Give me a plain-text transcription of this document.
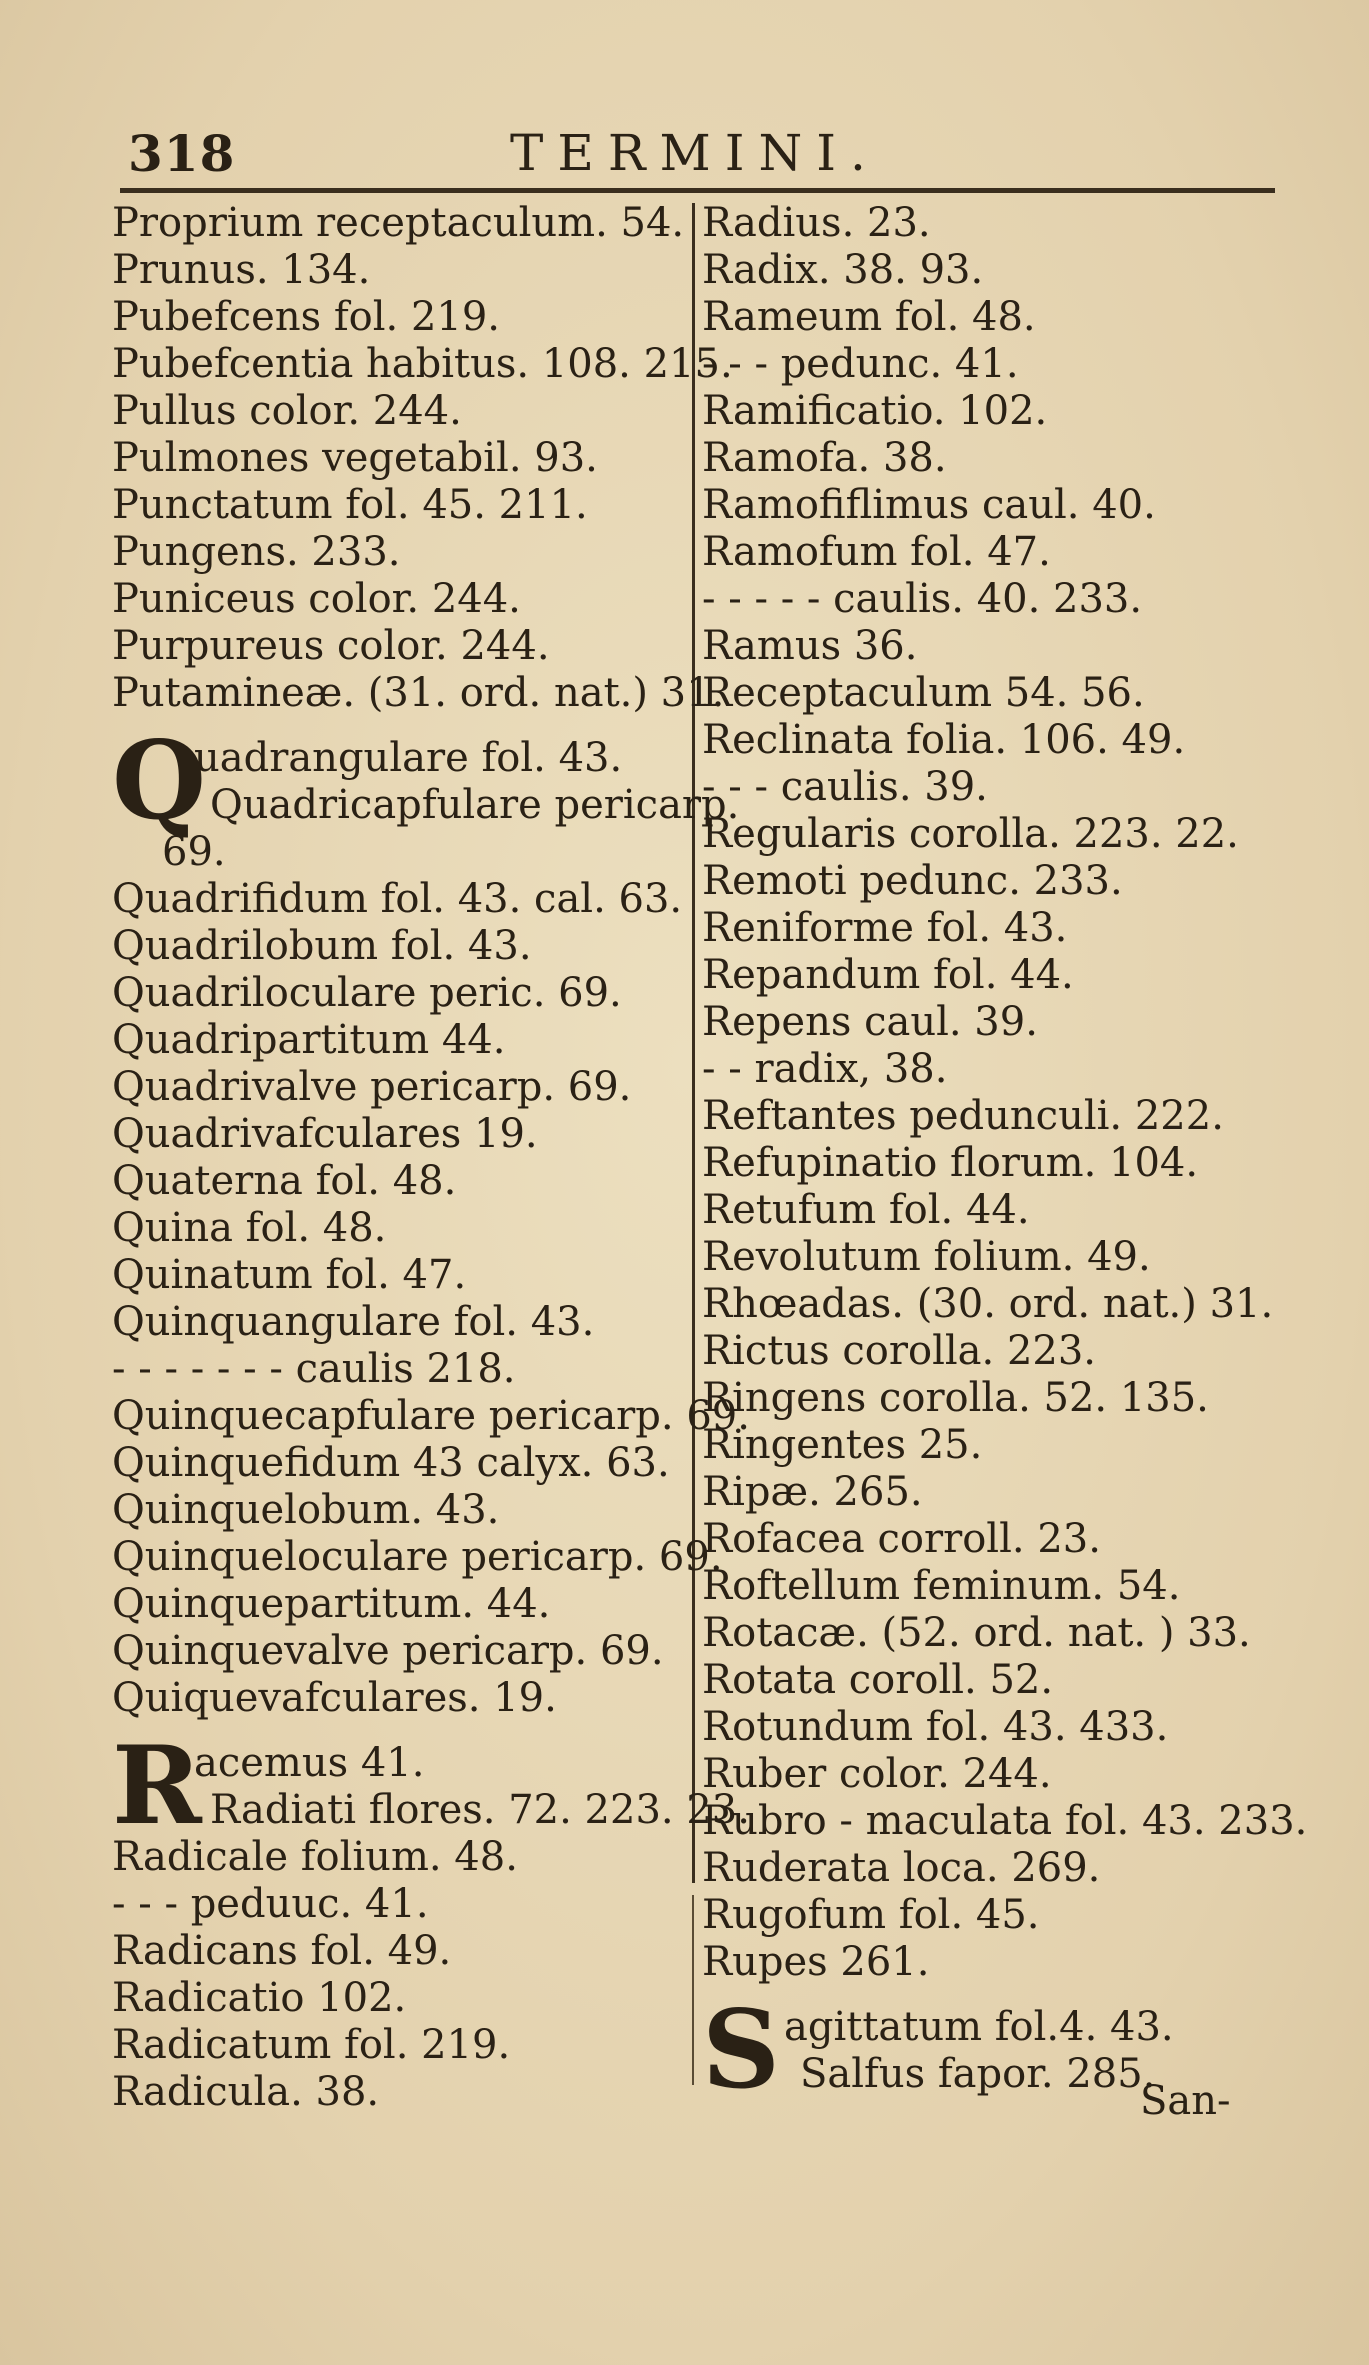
318	TERMINI.
Proprium receptaculum. 54.
Prunus. 134.
Pubefcens fol. 219.
Pubefcentia habitus. 108. 215.
Pullus color. 244.
Pulmones vegetabil. 93.
Punctatum fol. 45. 211.
Pungens. 233.
Puniceus color. 244.
Purpureus color. 244.
Putamineæ. (31. ord. nat.) 31.
Q
uadrangulare fol. 43.
Quadricapfulare pericarp.
69.
Quadrifidum fol. 43. cal. 63.
Quadrilobum fol. 43.
Quadriloculare peric. 69.
Quadripartitum 44.
Quadrivalve pericarp. 69.
Quadrivafculares 19.
Quaterna fol. 48.
Quina fol. 48.
Quinatum fol. 47.
Quinquangulare fol. 43.
- - - - - - - caulis 218.
Quinquecapfulare pericarp. 69.
Quinquefidum 43 calyx. 63.
Quinquelobum. 43.
Quinqueloculare pericarp. 69.
Quinquepartitum. 44.
Quinquevalve pericarp. 69.
Quiquevafculares. 19.
R
acemus 41.
Radiati flores. 72. 223. 23.
Radicale folium. 48.
- - - peduuc. 41.
Radicans fol. 49.
Radicatio 102.
Radicatum fol. 219.
Radicula. 38.
Radius. 23.
Radix. 38. 93.
Rameum fol. 48.
- - - pedunc. 41.
Ramificatio. 102.
Ramofa. 38.
Ramofiflimus caul. 40.
Ramofum fol. 47.
- - - - - caulis. 40. 233.
Ramus 36.
Receptaculum 54. 56.
Reclinata folia. 106. 49.
- - - caulis. 39.
Regularis corolla. 223. 22.
Remoti pedunc. 233.
Reniforme fol. 43.
Repandum fol. 44.
Repens caul. 39.
- - radix, 38.
Reftantes pedunculi. 222.
Refupinatio florum. 104.
Retufum fol. 44.
Revolutum folium. 49.
Rhœadas. (30. ord. nat.) 31.
Rictus corolla. 223.
Ringens corolla. 52. 135.
Ringentes 25.
Ripæ. 265.
Rofacea corroll. 23.
Roftellum feminum. 54.
Rotacæ. (52. ord. nat. ) 33.
Rotata coroll. 52.
Rotundum fol. 43. 433.
Ruber color. 244.
Rubro - maculata fol. 43. 233.
Ruderata loca. 269.
Rugofum fol. 45.
Rupes 261.
S agittatum fol.4. 43.
Salfus fapor. 285.
San-
